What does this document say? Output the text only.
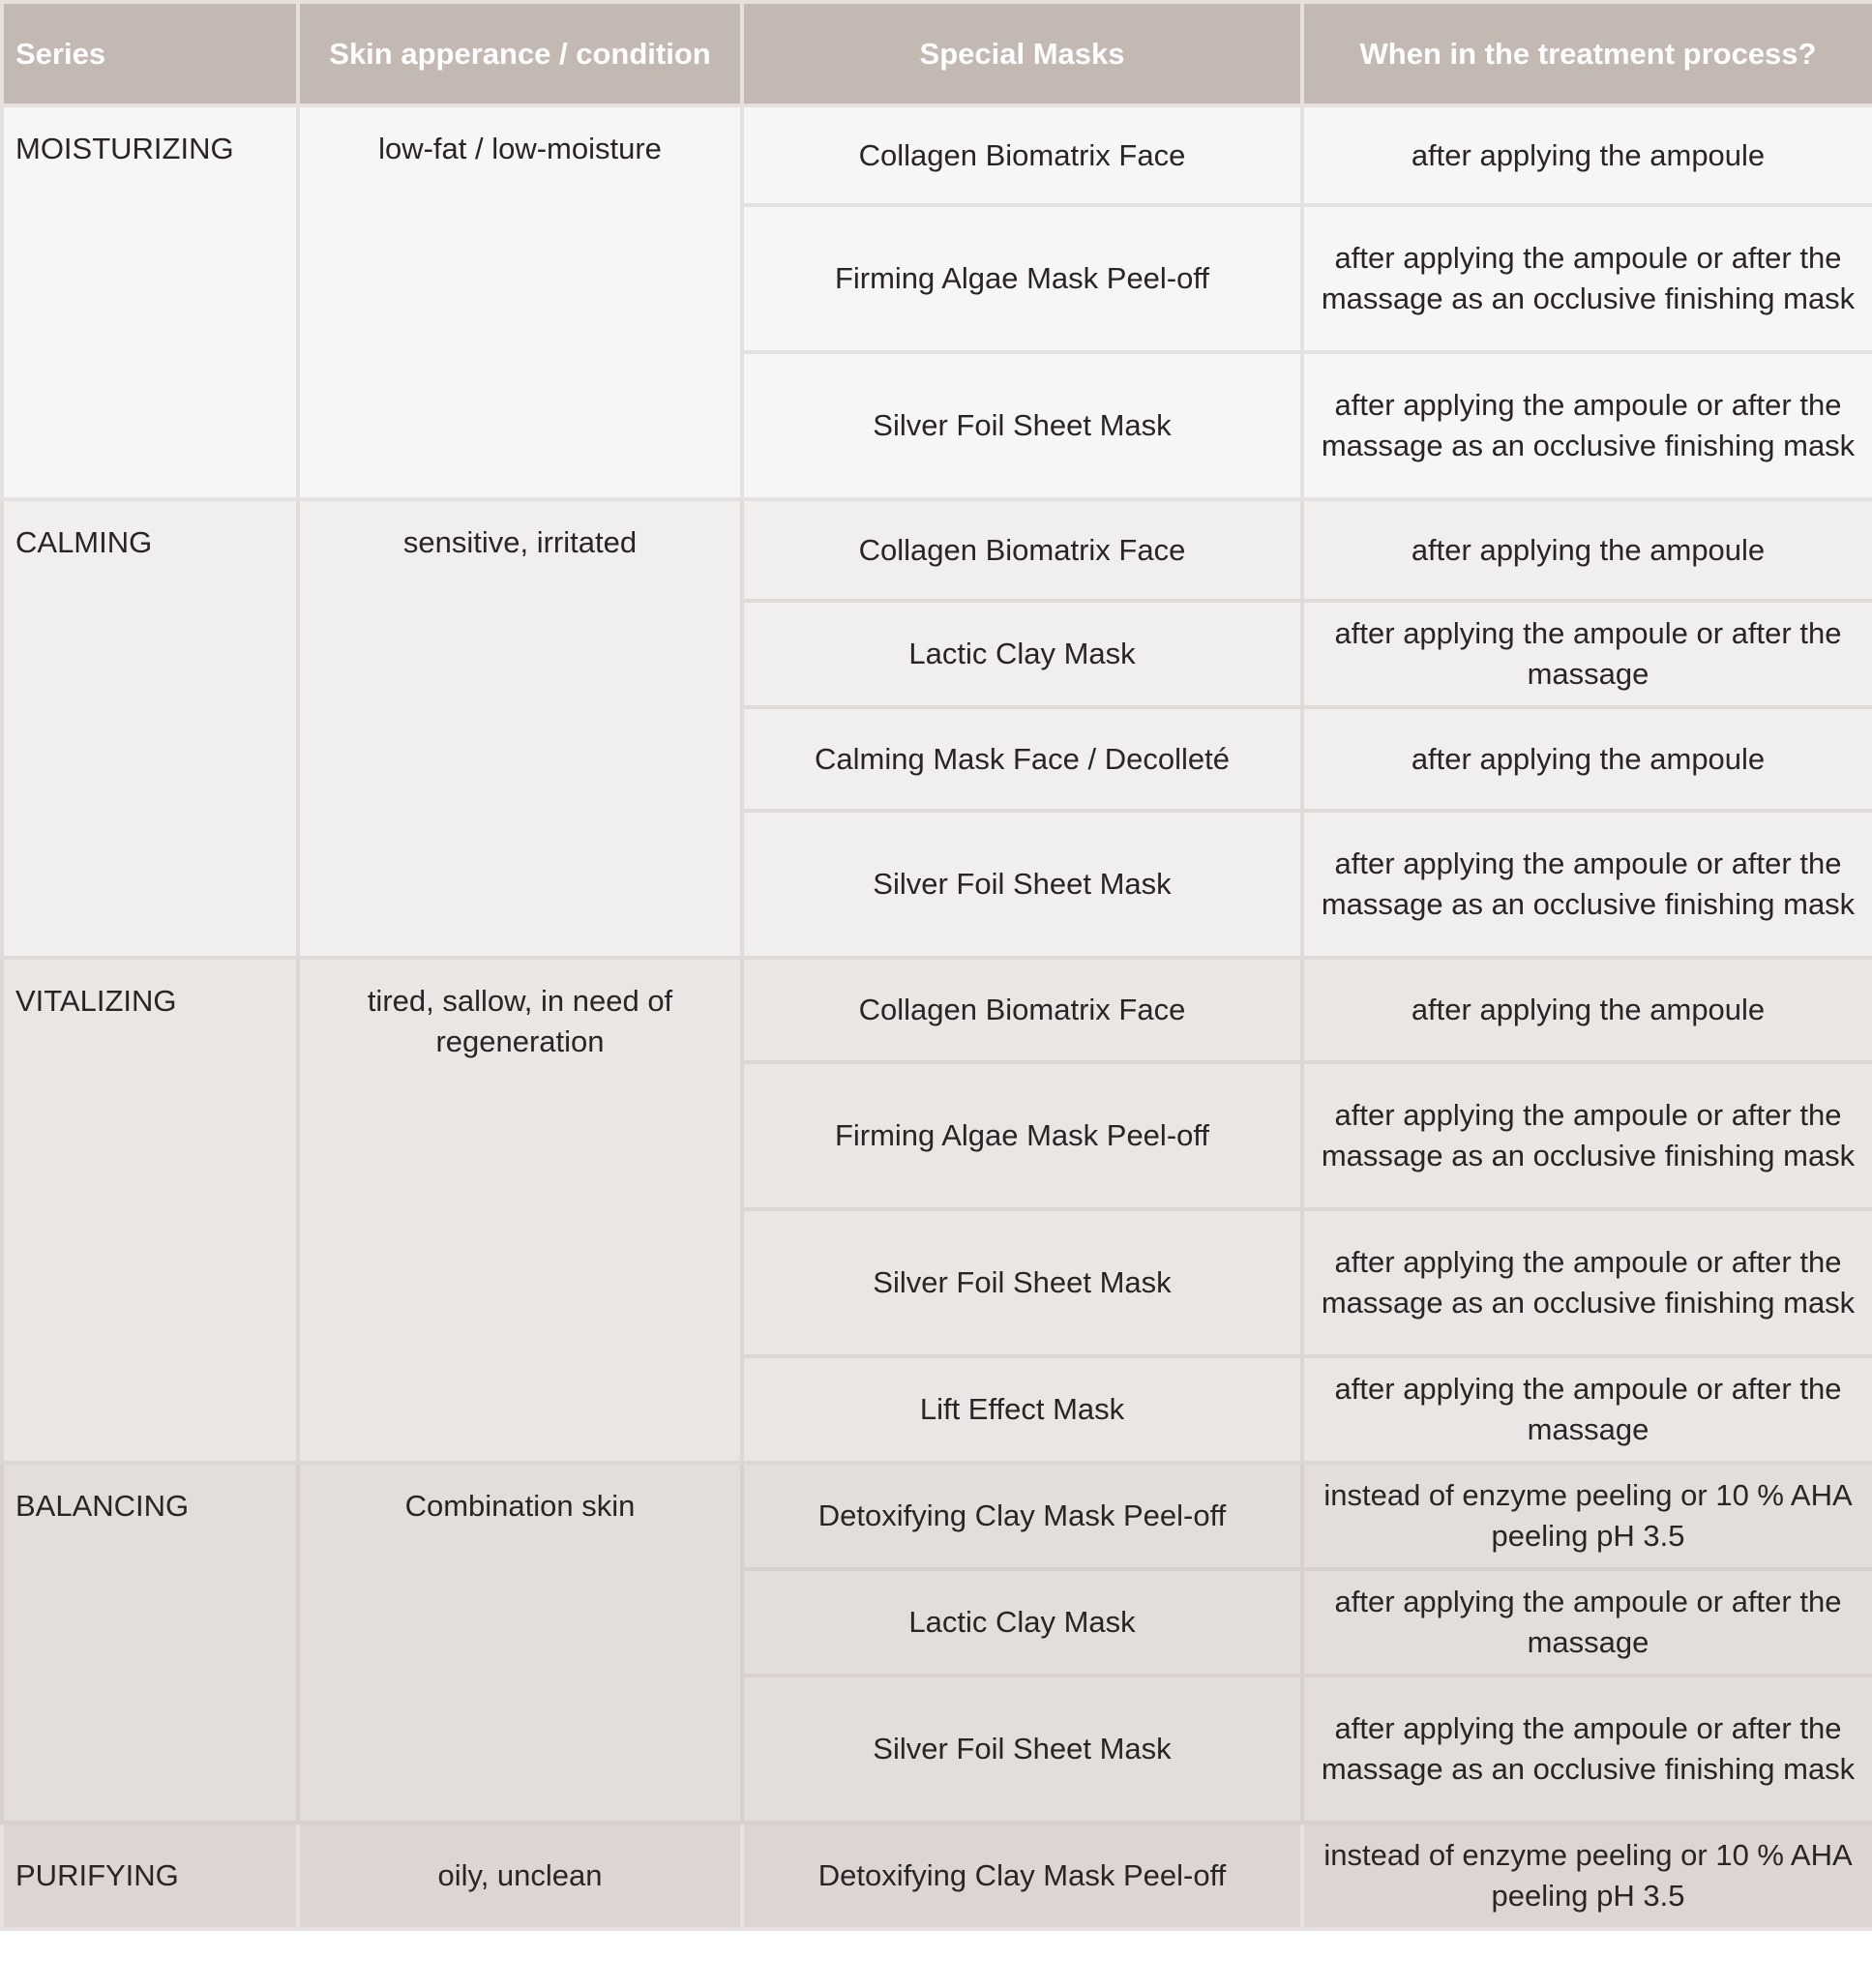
Series	Skin apperance / condition	Special Masks	When in the treatment process?
MOISTURIZING	low-fat / low-moisture	Collagen Biomatrix Face	after applying the ampoule
		Firming Algae Mask Peel-off	after applying the ampoule or after the massage as an occlusive finishing mask
		Silver Foil Sheet Mask	after applying the ampoule or after the massage as an occlusive finishing mask
CALMING	sensitive, irritated	Collagen Biomatrix Face	after applying the ampoule
		Lactic Clay Mask	after applying the ampoule or after the massage
		Calming Mask Face / Decolleté	after applying the ampoule
		Silver Foil Sheet Mask	after applying the ampoule or after the massage as an occlusive finishing mask
VITALIZING	tired, sallow, in need of regeneration	Collagen Biomatrix Face	after applying the ampoule
		Firming Algae Mask Peel-off	after applying the ampoule or after the massage as an occlusive finishing mask
		Silver Foil Sheet Mask	after applying the ampoule or after the massage as an occlusive finishing mask
		Lift Effect Mask	after applying the ampoule or after the massage
BALANCING	Combination skin	Detoxifying Clay Mask Peel-off	instead of enzyme peeling or 10 % AHA peeling pH 3.5
		Lactic Clay Mask	after applying the ampoule or after the massage
		Silver Foil Sheet Mask	after applying the ampoule or after the massage as an occlusive finishing mask
PURIFYING	oily, unclean	Detoxifying Clay Mask Peel-off	instead of enzyme peeling or 10 % AHA peeling pH 3.5
